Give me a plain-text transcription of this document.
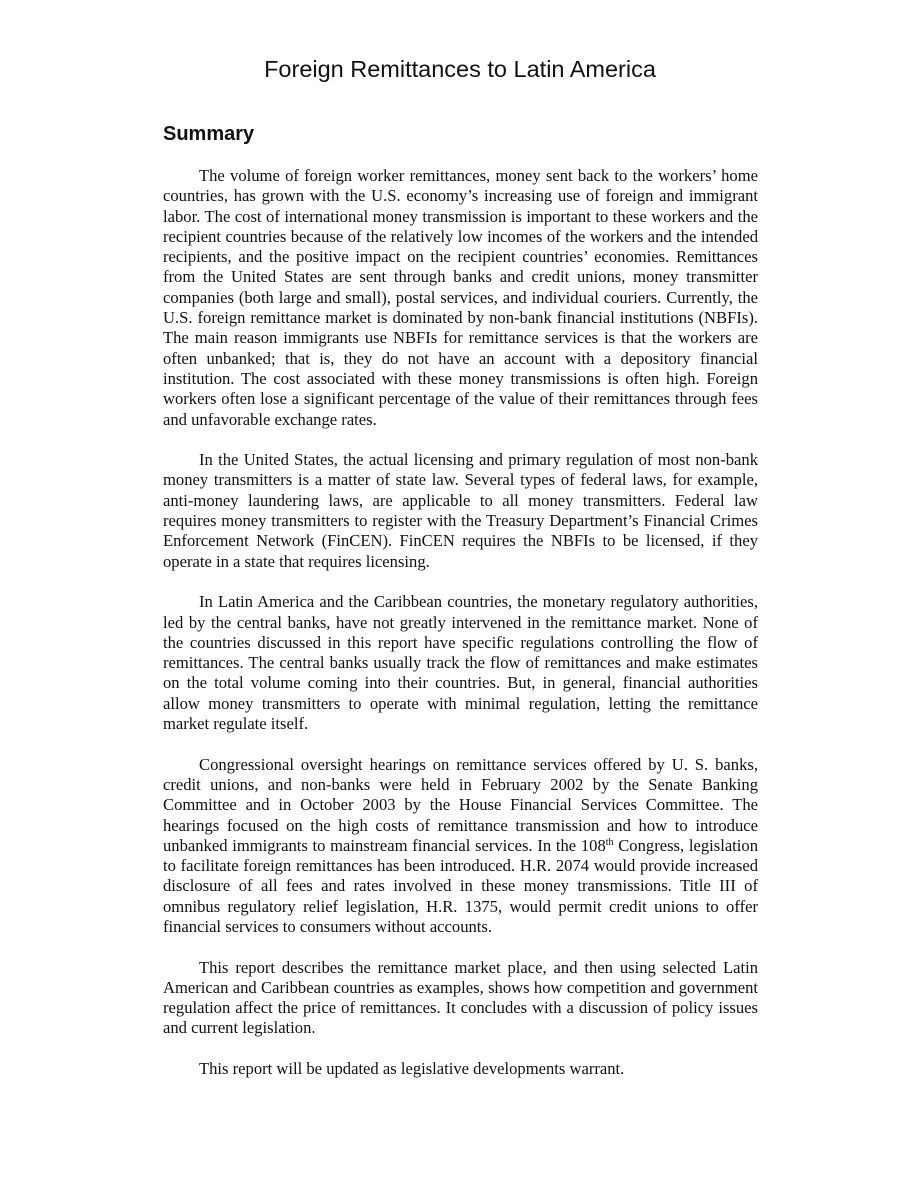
Foreign Remittances to Latin America
Summary

The volume of foreign worker remittances, money sent back to the workers’ home countries, has grown with the U.S. economy’s increasing use of foreign and immigrant labor. The cost of international money transmission is important to these workers and the recipient countries because of the relatively low incomes of the workers and the intended recipients, and the positive impact on the recipient countries’ economies. Remittances from the United States are sent through banks and credit unions, money transmitter companies (both large and small), postal services, and individual couriers. Currently, the U.S. foreign remittance market is dominated by non-bank financial institutions (NBFIs). The main reason immigrants use NBFIs for remittance services is that the workers are often unbanked; that is, they do not have an account with a depository financial institution. The cost associated with these money transmissions is often high. Foreign workers often lose a significant percentage of the value of their remittances through fees and unfavorable exchange rates.

In the United States, the actual licensing and primary regulation of most non-bank money transmitters is a matter of state law. Several types of federal laws, for example, anti-money laundering laws, are applicable to all money transmitters. Federal law requires money transmitters to register with the Treasury Department’s Financial Crimes Enforcement Network (FinCEN). FinCEN requires the NBFIs to be licensed, if they operate in a state that requires licensing.

In Latin America and the Caribbean countries, the monetary regulatory authorities, led by the central banks, have not greatly intervened in the remittance market. None of the countries discussed in this report have specific regulations controlling the flow of remittances. The central banks usually track the flow of remittances and make estimates on the total volume coming into their countries. But, in general, financial authorities allow money transmitters to operate with minimal regulation, letting the remittance market regulate itself.

Congressional oversight hearings on remittance services offered by U. S. banks, credit unions, and non-banks were held in February 2002 by the Senate Banking Committee and in October 2003 by the House Financial Services Committee. The hearings focused on the high costs of remittance transmission and how to introduce unbanked immigrants to mainstream financial services. In the 108th Congress, legislation to facilitate foreign remittances has been introduced. H.R. 2074 would provide increased disclosure of all fees and rates involved in these money transmissions. Title III of omnibus regulatory relief legislation, H.R. 1375, would permit credit unions to offer financial services to consumers without accounts.

This report describes the remittance market place, and then using selected Latin American and Caribbean countries as examples, shows how competition and government regulation affect the price of remittances. It concludes with a discussion of policy issues and current legislation.

This report will be updated as legislative developments warrant.
